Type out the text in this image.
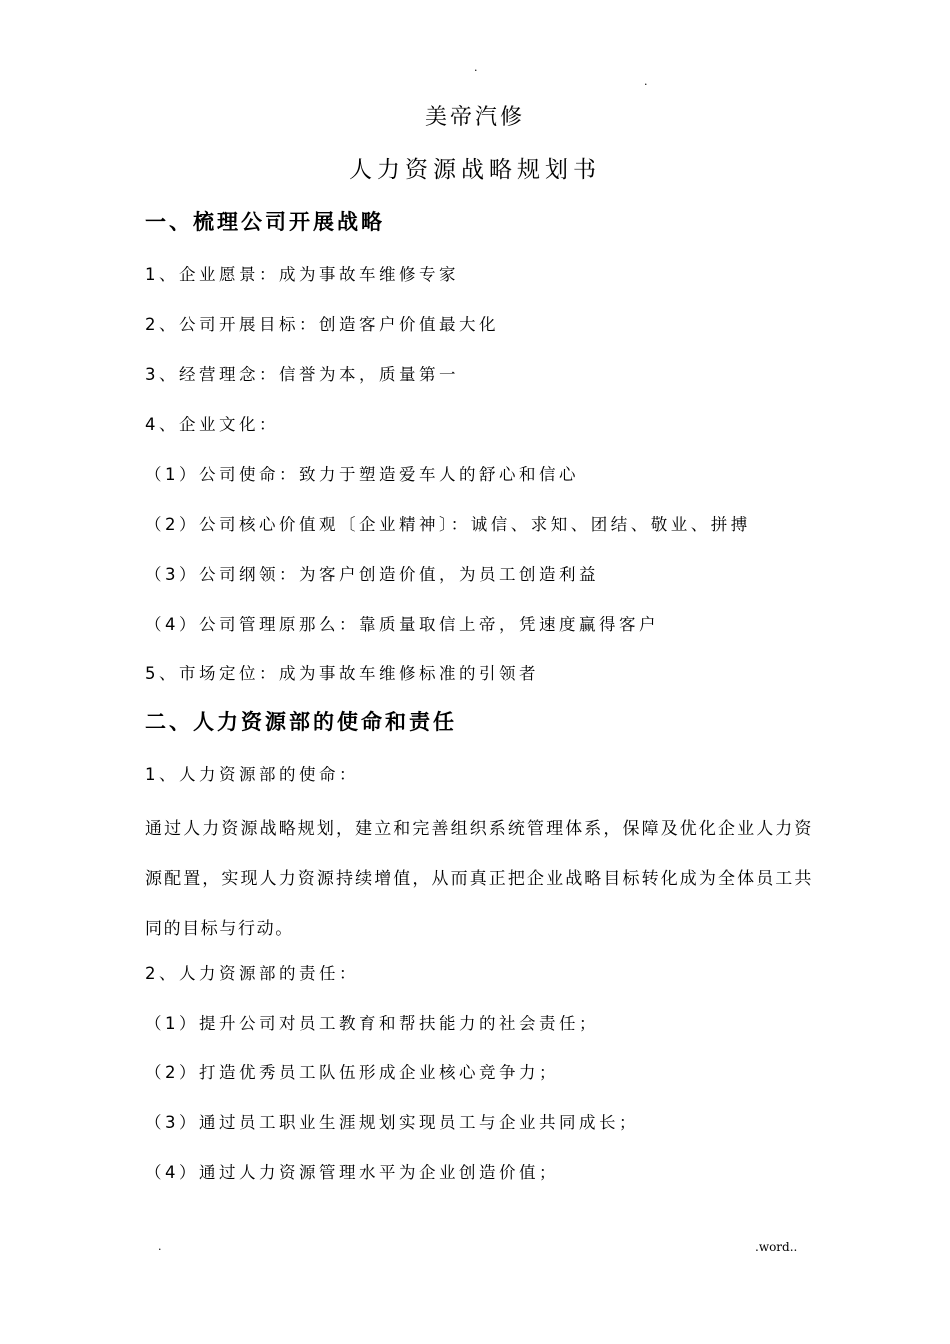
.
.
美帝汽修
人力资源战略规划书
一、梳理公司开展战略
1、企业愿景：成为事故车维修专家
2、公司开展目标：创造客户价值最大化
3、经营理念：信誉为本，质量第一
4、企业文化：
（1）公司使命：致力于塑造爱车人的舒心和信心
（2）公司核心价值观〔企业精神〕：诚信、求知、团结、敬业、拼搏
（3）公司纲领：为客户创造价值，为员工创造利益
（4）公司管理原那么：靠质量取信上帝，凭速度赢得客户
5、市场定位：成为事故车维修标准的引领者
二、人力资源部的使命和责任
1、人力资源部的使命：
通过人力资源战略规划，建立和完善组织系统管理体系，保障及优化企业人力资源配置，实现人力资源持续增值，从而真正把企业战略目标转化成为全体员工共同的目标与行动。
2、人力资源部的责任：
（1）提升公司对员工教育和帮扶能力的社会责任；
（2）打造优秀员工队伍形成企业核心竞争力；
（3）通过员工职业生涯规划实现员工与企业共同成长；
（4）通过人力资源管理水平为企业创造价值；
.	.word..
